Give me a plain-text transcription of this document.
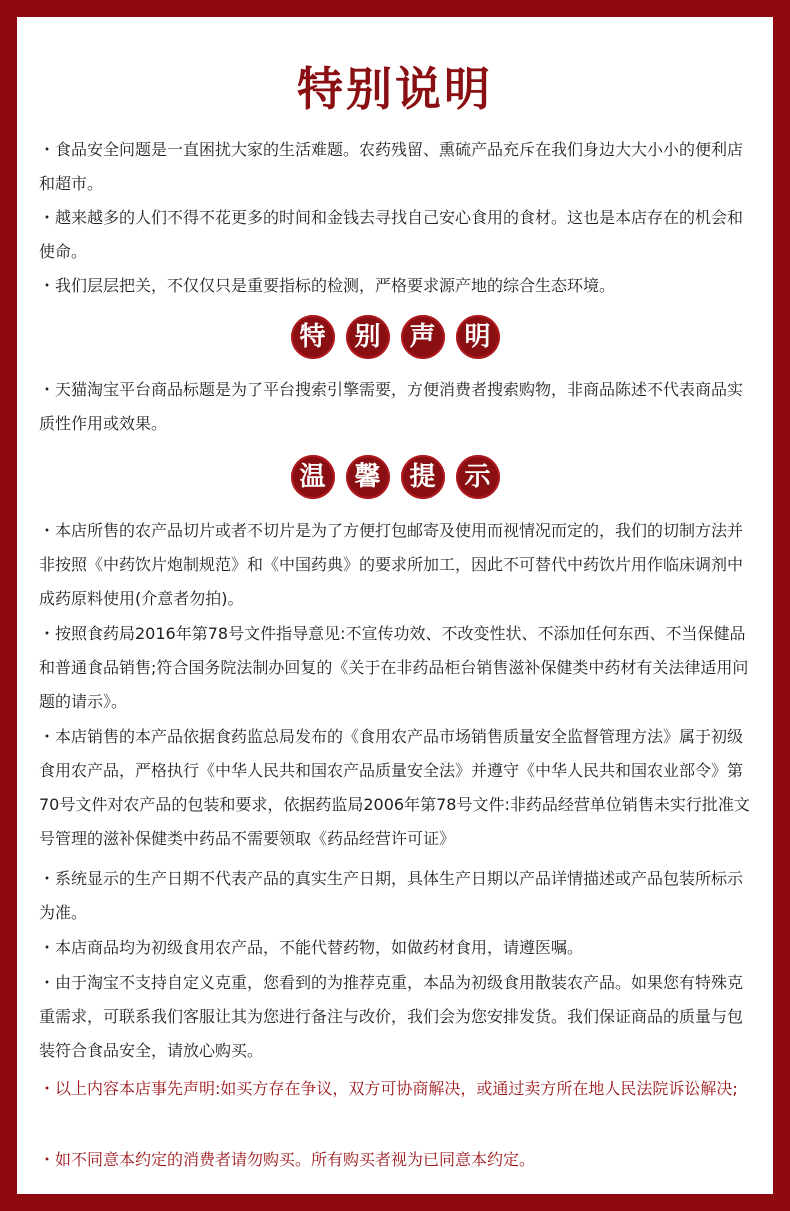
特别说明

・食品安全问题是一直困扰大家的生活难题。农药残留、熏硫产品充斥在我们身边大大小小的便利店和超市。

・越来越多的人们不得不花更多的时间和金钱去寻找自己安心食用的食材。这也是本店存在的机会和使命。

・我们层层把关，不仅仅只是重要指标的检测，严格要求源产地的综合生态环境。

特	别	声	明

・天猫淘宝平台商品标题是为了平台搜索引擎需要，方便消费者搜索购物，非商品陈述不代表商品实质性作用或效果。

温	馨	提	示

・本店所售的农产品切片或者不切片是为了方便打包邮寄及使用而视情况而定的，我们的切制方法并非按照《中药饮片炮制规范》和《中国药典》的要求所加工，因此不可替代中药饮片用作临床调剂中成药原料使用(介意者勿拍)。

・按照食药局2016年第78号文件指导意见:不宣传功效、不改变性状、不添加任何东西、不当保健品和普通食品销售;符合国务院法制办回复的《关于在非药品柜台销售滋补保健类中药材有关法律适用问题的请示》。

・本店销售的本产品依据食药监总局发布的《食用农产品市场销售质量安全监督管理方法》属于初级食用农产品，严格执行《中华人民共和国农产品质量安全法》并遵守《中华人民共和国农业部令》第70号文件对农产品的包装和要求，依据药监局2006年第78号文件:非药品经营单位销售未实行批准文号管理的滋补保健类中药品不需要领取《药品经营许可证》

・系统显示的生产日期不代表产品的真实生产日期，具体生产日期以产品详情描述或产品包装所标示为准。

・本店商品均为初级食用农产品，不能代替药物，如做药材食用，请遵医嘱。

・由于淘宝不支持自定义克重，您看到的为推荐克重，本品为初级食用散装农产品。如果您有特殊克重需求，可联系我们客服让其为您进行备注与改价，我们会为您安排发货。我们保证商品的质量与包装符合食品安全，请放心购买。

・以上内容本店事先声明:如买方存在争议，双方可协商解决，或通过卖方所在地人民法院诉讼解决;

・如不同意本约定的消费者请勿购买。所有购买者视为已同意本约定。
